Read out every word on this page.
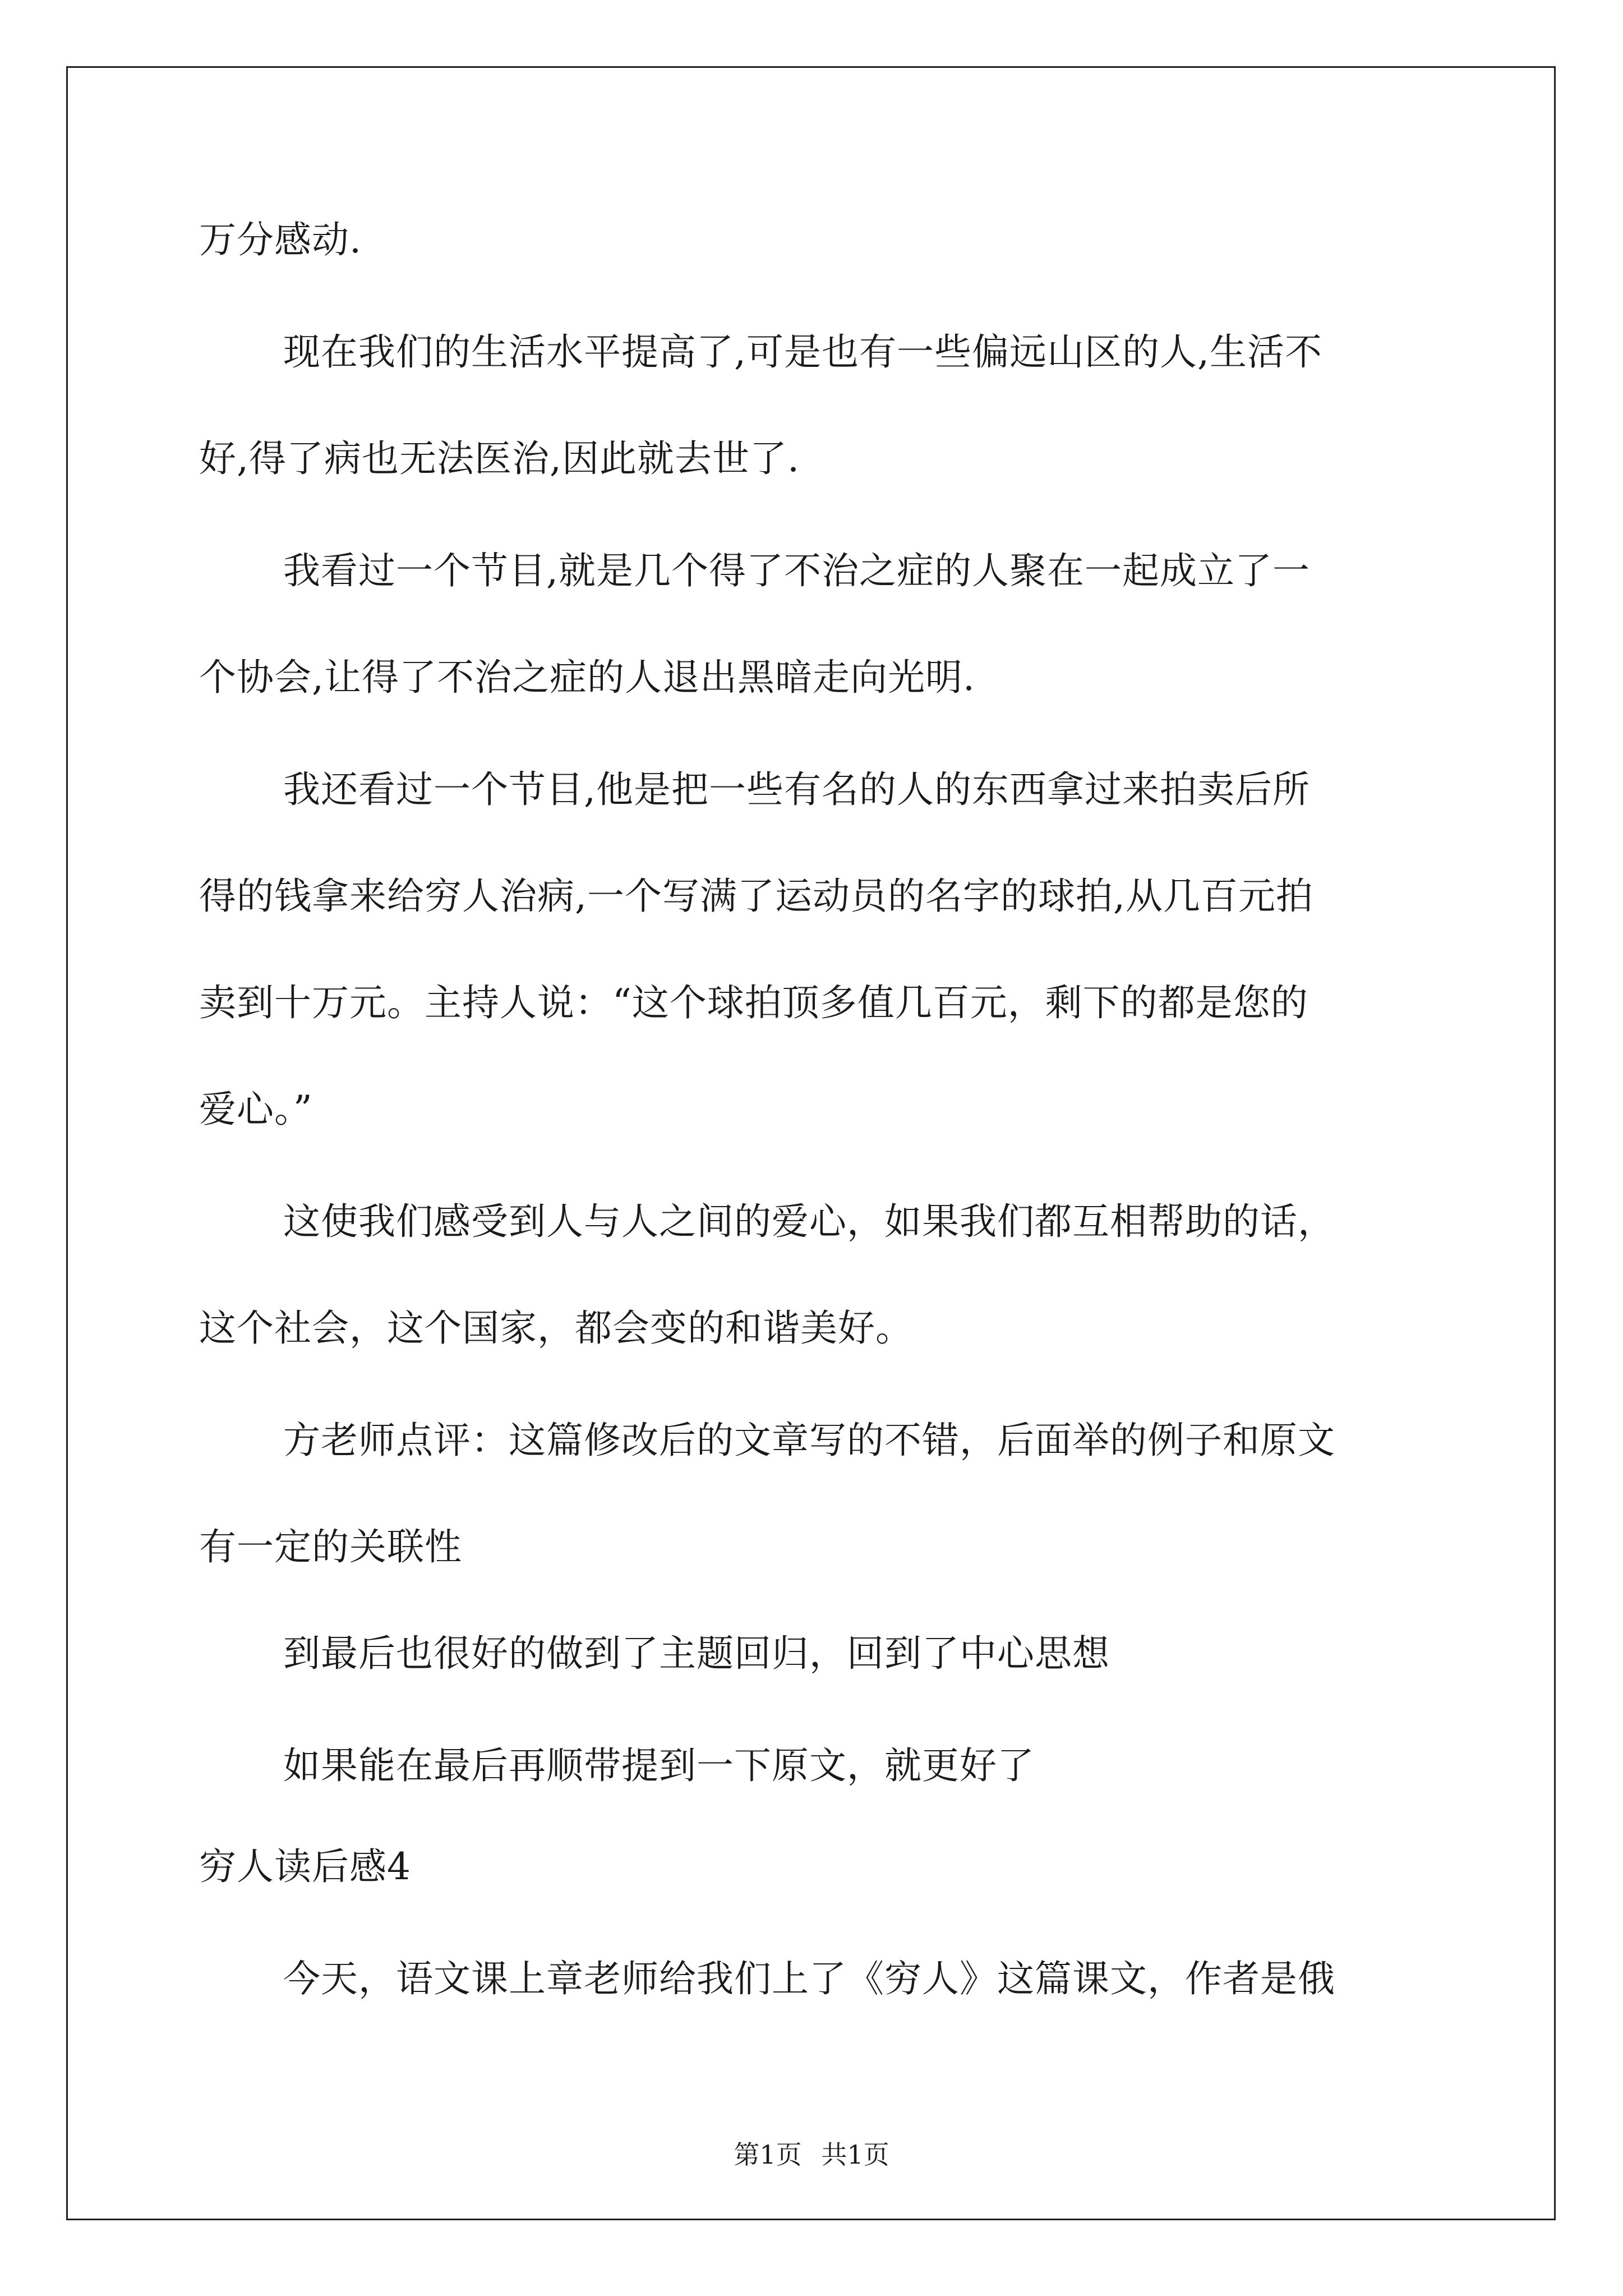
万分感动.
现在我们的生活水平提高了,可是也有一些偏远山区的人,生活不
好,得了病也无法医治,因此就去世了.
我看过一个节目,就是几个得了不治之症的人聚在一起成立了一
个协会,让得了不治之症的人退出黑暗走向光明.
我还看过一个节目,他是把一些有名的人的东西拿过来拍卖后所
得的钱拿来给穷人治病,一个写满了运动员的名字的球拍,从几百元拍
卖到十万元。主持人说：“这个球拍顶多值几百元，剩下的都是您的
爱心。”
这使我们感受到人与人之间的爱心，如果我们都互相帮助的话，
这个社会，这个国家，都会变的和谐美好。
方老师点评：这篇修改后的文章写的不错，后面举的例子和原文
有一定的关联性
到最后也很好的做到了主题回归，回到了中心思想
如果能在最后再顺带提到一下原文，就更好了
穷人读后感4
今天，语文课上章老师给我们上了《穷人》这篇课文，作者是俄
第1页 共1页
